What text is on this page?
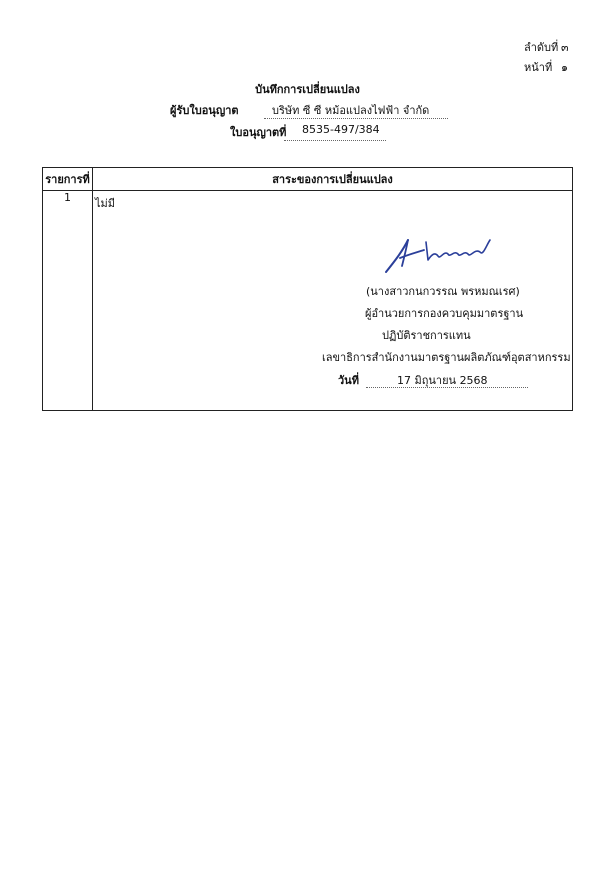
ลำดับที่ ๓
หน้าที่ ๑
บันทึกการเปลี่ยนแปลง
ผู้รับใบอนุญาต	บริษัท ซี ซี หม้อแปลงไฟฟ้า จำกัด
ใบอนุญาตที่ 8535-497/384
รายการที่	สาระของการเปลี่ยนแปลง
1	ไม่มี
(นางสาวกนกวรรณ พรหมณเรศ)
ผู้อำนวยการกองควบคุมมาตรฐาน
ปฏิบัติราชการแทน
เลขาธิการสำนักงานมาตรฐานผลิตภัณฑ์อุตสาหกรรม
วันที่	17 มิถุนายน 2568
